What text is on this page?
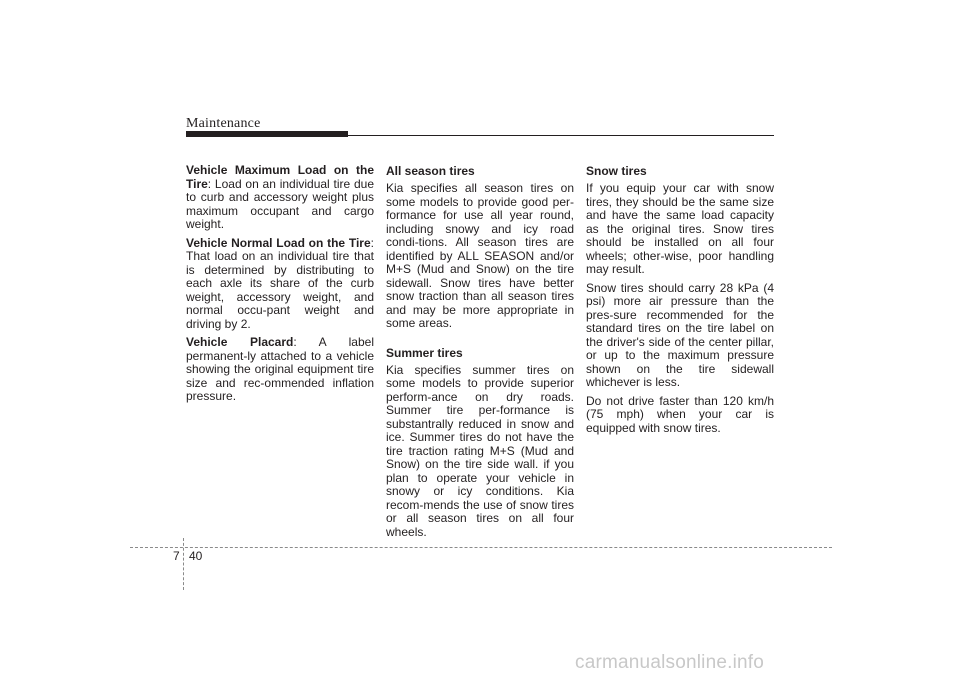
Maintenance

Vehicle Maximum Load on the Tire: Load on an individual tire due to curb and accessory weight plus maximum occupant and cargo weight.

Vehicle Normal Load on the Tire: That load on an individual tire that is determined by distributing to each axle its share of the curb weight, accessory weight, and normal occu-pant weight and driving by 2.

Vehicle Placard: A label permanent-ly attached to a vehicle showing the original equipment tire size and rec-ommended inflation pressure.

All season tires

Kia specifies all season tires on some models to provide good per-formance for use all year round, including snowy and icy road condi-tions. All season tires are identified by ALL SEASON and/or M+S (Mud and Snow) on the tire sidewall. Snow tires have better snow traction than all season tires and may be more appropriate in some areas.

Summer tires

Kia specifies summer tires on some models to provide superior perform-ance on dry roads. Summer tire per-formance is substantrally reduced in snow and ice. Summer tires do not have the tire traction rating M+S (Mud and Snow) on the tire side wall. if you plan to operate your vehicle in snowy or icy conditions. Kia recom-mends the use of snow tires or all season tires on all four wheels.

Snow tires

If you equip your car with snow tires, they should be the same size and have the same load capacity as the original tires. Snow tires should be installed on all four wheels; other-wise, poor handling may result.

Snow tires should carry 28 kPa (4 psi) more air pressure than the pres-sure recommended for the standard tires on the tire label on the driver's side of the center pillar, or up to the maximum pressure shown on the tire sidewall whichever is less.

Do not drive faster than 120 km/h (75 mph) when your car is equipped with snow tires.

7 40
carmanualsonline.info
